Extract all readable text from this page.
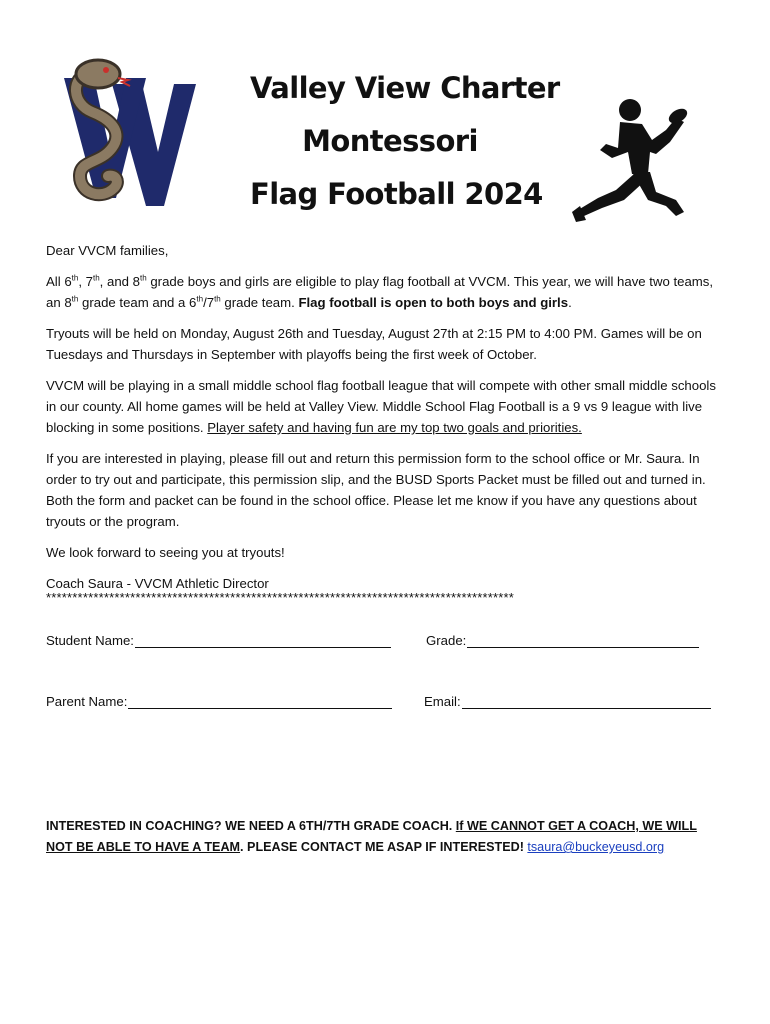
Valley View Charter
Montessori
Flag Football 2024

Dear VVCM families,

All 6th, 7th, and 8th grade boys and girls are eligible to play flag football at VVCM. This year, we will have two teams, an 8th grade team and a 6th/7th grade team. Flag football is open to both boys and girls.

Tryouts will be held on Monday, August 26th and Tuesday, August 27th at 2:15 PM to 4:00 PM. Games will be on Tuesdays and Thursdays in September with playoffs being the first week of October.

VVCM will be playing in a small middle school flag football league that will compete with other small middle schools in our county. All home games will be held at Valley View. Middle School Flag Football is a 9 vs 9 league with live blocking in some positions. Player safety and having fun are my top two goals and priorities.

If you are interested in playing, please fill out and return this permission form to the school office or Mr. Saura. In order to try out and participate, this permission slip, and the BUSD Sports Packet must be filled out and turned in. Both the form and packet can be found in the school office. Please let me know if you have any questions about tryouts or the program.

We look forward to seeing you at tryouts!

Coach Saura - VVCM Athletic Director

*****************************************************************************************
Student Name:	Grade:
Parent Name:	Email:
INTERESTED IN COACHING? WE NEED A 6TH/7TH GRADE COACH. If WE CANNOT GET A COACH, WE WILL NOT BE ABLE TO HAVE A TEAM. PLEASE CONTACT ME ASAP IF INTERESTED! tsaura@buckeyeusd.org
